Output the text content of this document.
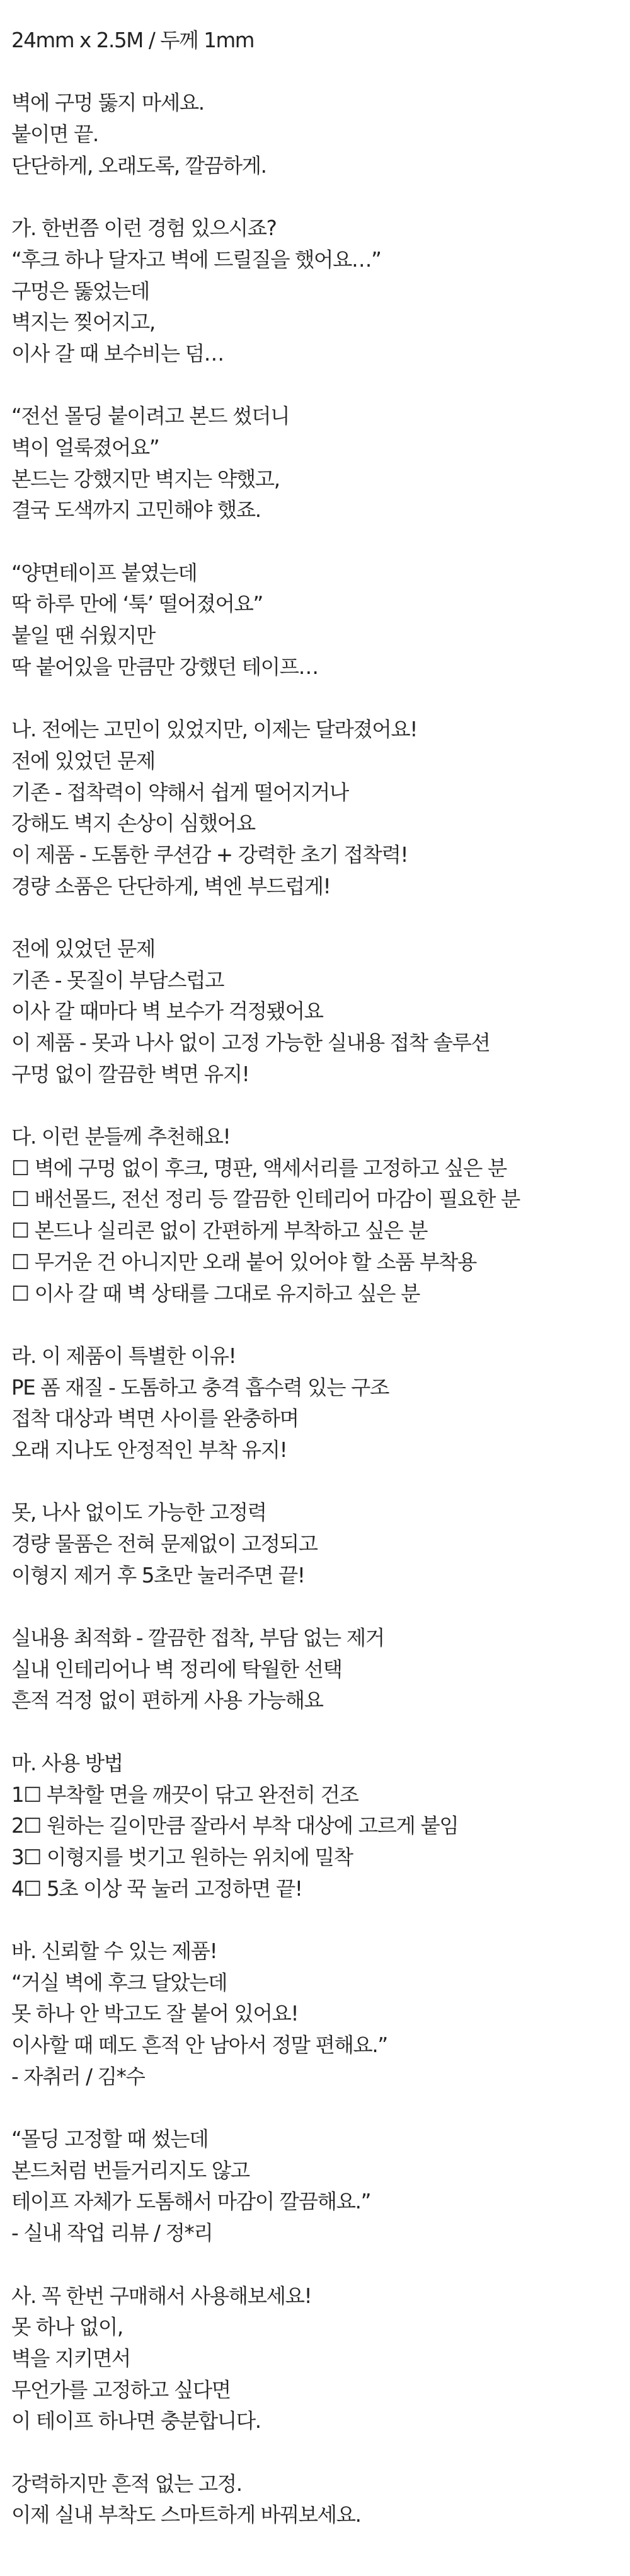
24mm x 2.5M / 두께 1mm
벽에 구멍 뚫지 마세요.
붙이면 끝.
단단하게, 오래도록, 깔끔하게.
가. 한번쯤 이런 경험 있으시죠?
“후크 하나 달자고 벽에 드릴질을 했어요…”
구멍은 뚫었는데
벽지는 찢어지고,
이사 갈 때 보수비는 덤…
“전선 몰딩 붙이려고 본드 썼더니
벽이 얼룩졌어요”
본드는 강했지만 벽지는 약했고,
결국 도색까지 고민해야 했죠.
“양면테이프 붙였는데
딱 하루 만에 ‘툭’ 떨어졌어요”
붙일 땐 쉬웠지만
딱 붙어있을 만큼만 강했던 테이프…
나. 전에는 고민이 있었지만, 이제는 달라졌어요!
전에 있었던 문제
기존 - 접착력이 약해서 쉽게 떨어지거나
강해도 벽지 손상이 심했어요
이 제품 - 도톰한 쿠션감 + 강력한 초기 접착력!
경량 소품은 단단하게, 벽엔 부드럽게!
전에 있었던 문제
기존 - 못질이 부담스럽고
이사 갈 때마다 벽 보수가 걱정됐어요
이 제품 - 못과 나사 없이 고정 가능한 실내용 접착 솔루션
구멍 없이 깔끔한 벽면 유지!
다. 이런 분들께 추천해요!
☐ 벽에 구멍 없이 후크, 명판, 액세서리를 고정하고 싶은 분
☐ 배선몰드, 전선 정리 등 깔끔한 인테리어 마감이 필요한 분
☐ 본드나 실리콘 없이 간편하게 부착하고 싶은 분
☐ 무거운 건 아니지만 오래 붙어 있어야 할 소품 부착용
☐ 이사 갈 때 벽 상태를 그대로 유지하고 싶은 분
라. 이 제품이 특별한 이유!
PE 폼 재질 - 도톰하고 충격 흡수력 있는 구조
접착 대상과 벽면 사이를 완충하며
오래 지나도 안정적인 부착 유지!
못, 나사 없이도 가능한 고정력
경량 물품은 전혀 문제없이 고정되고
이형지 제거 후 5초만 눌러주면 끝!
실내용 최적화 - 깔끔한 접착, 부담 없는 제거
실내 인테리어나 벽 정리에 탁월한 선택
흔적 걱정 없이 편하게 사용 가능해요
마. 사용 방법
1☐ 부착할 면을 깨끗이 닦고 완전히 건조
2☐ 원하는 길이만큼 잘라서 부착 대상에 고르게 붙임
3☐ 이형지를 벗기고 원하는 위치에 밀착
4☐ 5초 이상 꾹 눌러 고정하면 끝!
바. 신뢰할 수 있는 제품!
“거실 벽에 후크 달았는데
못 하나 안 박고도 잘 붙어 있어요!
이사할 때 떼도 흔적 안 남아서 정말 편해요.”
- 자취러 / 김*수
“몰딩 고정할 때 썼는데
본드처럼 번들거리지도 않고
테이프 자체가 도톰해서 마감이 깔끔해요.”
- 실내 작업 리뷰 / 정*리
사. 꼭 한번 구매해서 사용해보세요!
못 하나 없이,
벽을 지키면서
무언가를 고정하고 싶다면
이 테이프 하나면 충분합니다.
강력하지만 흔적 없는 고정.
이제 실내 부착도 스마트하게 바꿔보세요.
